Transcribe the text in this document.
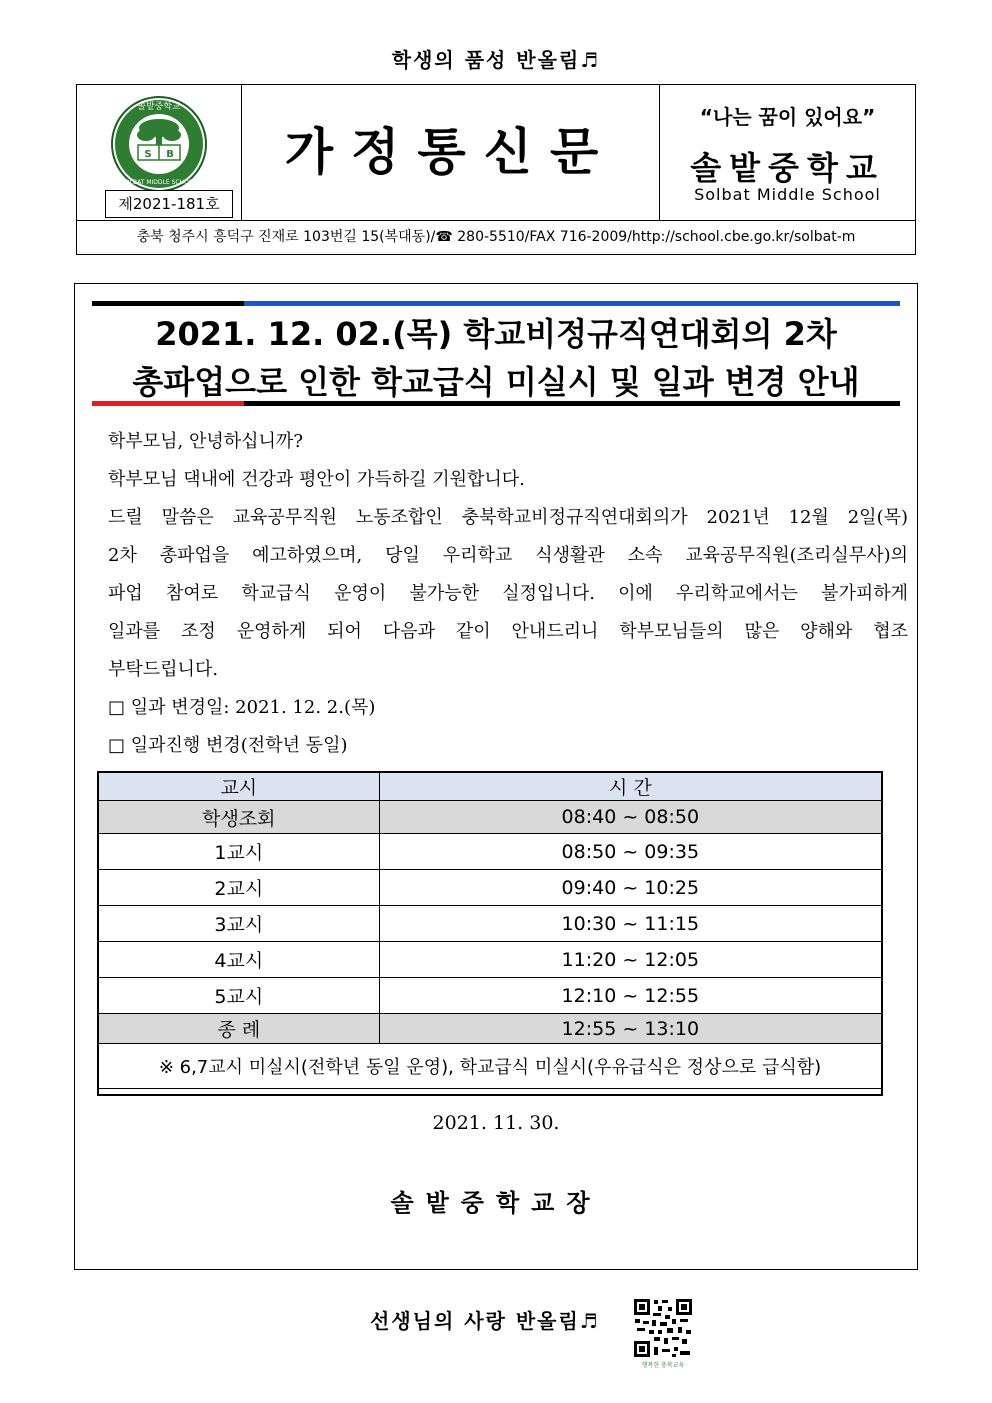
학생의 품성 반올림♬
S B
솔밭중학교
SOLBAT MIDDLE SCHOOL
제2021-181호
가정통신문
“나는 꿈이 있어요”
솔밭중학교
Solbat Middle School
충북 청주시 흥덕구 진재로 103번길 15(복대동)/☎ 280-5510/FAX 716-2009/http://school.cbe.go.kr/solbat-m
2021. 12. 02.(목) 학교비정규직연대회의 2차
총파업으로 인한 학교급식 미실시 및 일과 변경 안내
학부모님, 안녕하십니까?
학부모님 댁내에 건강과 평안이 가득하길 기원합니다.
드릴 말씀은 교육공무직원 노동조합인 충북학교비정규직연대회의가 2021년 12월 2일(목)
2차 총파업을 예고하였으며, 당일 우리학교 식생활관 소속 교육공무직원(조리실무사)의
파업 참여로 학교급식 운영이 불가능한 실정입니다. 이에 우리학교에서는 불가피하게
일과를 조정 운영하게 되어 다음과 같이 안내드리니 학부모님들의 많은 양해와 협조
부탁드립니다.
□ 일과 변경일: 2021. 12. 2.(목)
□ 일과진행 변경(전학년 동일)
교시	시 간
학생조회	08:40 ~ 08:50
1교시	08:50 ~ 09:35
2교시	09:40 ~ 10:25
3교시	10:30 ~ 11:15
4교시	11:20 ~ 12:05
5교시	12:10 ~ 12:55
종 례	12:55 ~ 13:10
※ 6,7교시 미실시(전학년 동일 운영), 학교급식 미실시(우유급식은 정상으로 급식함)	
2021. 11. 30.
솔밭중학교장
선생님의 사랑 반올림♬
행복한 충북교육
